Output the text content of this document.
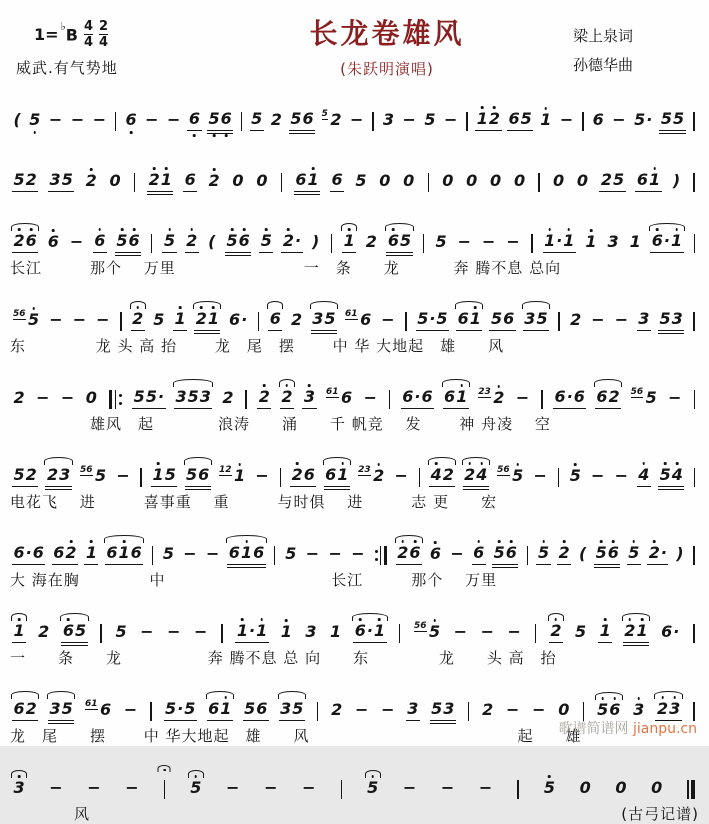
$1= ^♭B \frac{4}{4} \frac{2}{4}$
威武.有气势地
长龙卷雄风
(朱跃明演唱)
梁上泉词
孙德华曲
( 5 − − − 6 − − 6 5 6 5 2 5 6 $^5$ 2 − 3 − 5 − 1 2 6 5 1 − 6 − 5 · 5 5
5 2 3 5 2 0 2 1 6 2 0 0 6 1 6 5 0 0 0 0 0 0 0 0 2 5 6 1 )
2 6 6 − 6 5 6 5 2 ( 5 6 5 2 · ) 1 2 6 5 5 − − − 1 · 1 1 3 1 6 · 1
长江　　　那个　 万里　　　　　　　　一　条　　龙　　　 奔 腾不息 总向
$^{56}$ 5 − − − 2 5 1 2 1 6 · 6 2 3 5 $^{61}$ 6 − 5 · 5 6 1 5 6 3 5 2 − − 3 5 3
东　　　　 龙 头 高 抬　　 龙　尾　摆　　 中 华 大地起　雄　　风
2 − − 0 5 5 · 3 5 3 2 2 2 3 $^{61}$ 6 − 6 · 6 6 1 $^{23}$ 2 − 6 · 6 6 2 $^{56}$ 5 −
　　　　　雄风　起　　　　浪涛　　涌　　千 帆竞　 发　　 神 舟凌　 空
5 2 2 3 $^{56}$ 5 − 1 5 5 6 $^{12}$ 1 − 2 6 6 1 $^{23}$ 2 − 4 2 2 4 $^{56}$ 5 − 5 − − 4 5 4
电花飞　 进　　　喜事重　 重　　　与时俱　 进　　　志 更　　宏
6 · 6 6 2 1 6 1 6 5 − − 6 1 6 5 − − − 2 6 6 − 6 5 6 5 2 ( 5 6 5 2 · )
大 海在胸　　　　 中　　　　　　　　　　 长江　　　那个　 万里
1 2 6 5 5 − − − 1 · 1 1 3 1 6 · 1	$^{56}$ 5 − − − 2 5 1 2 1 6 ·
一　　条　　龙　　　　　 奔 腾不息 总 向　　东　　　　 龙　　头 高　抬
6 2 3 5 $^{61}$ 6 − 5 · 5 6 1 5 6 3 5 2 − − 3 5 3 2 − − 0 5 6 3 2 3
龙　尾　　摆　　 中 华大地起　雄　　风　　　　　　　　　　　　　起　　雄
3 − − −	5 − − −	5 − − −	5 0 0 0
　　　　风	(古弓记谱)
歌谱简谱网 jianpu.cn
